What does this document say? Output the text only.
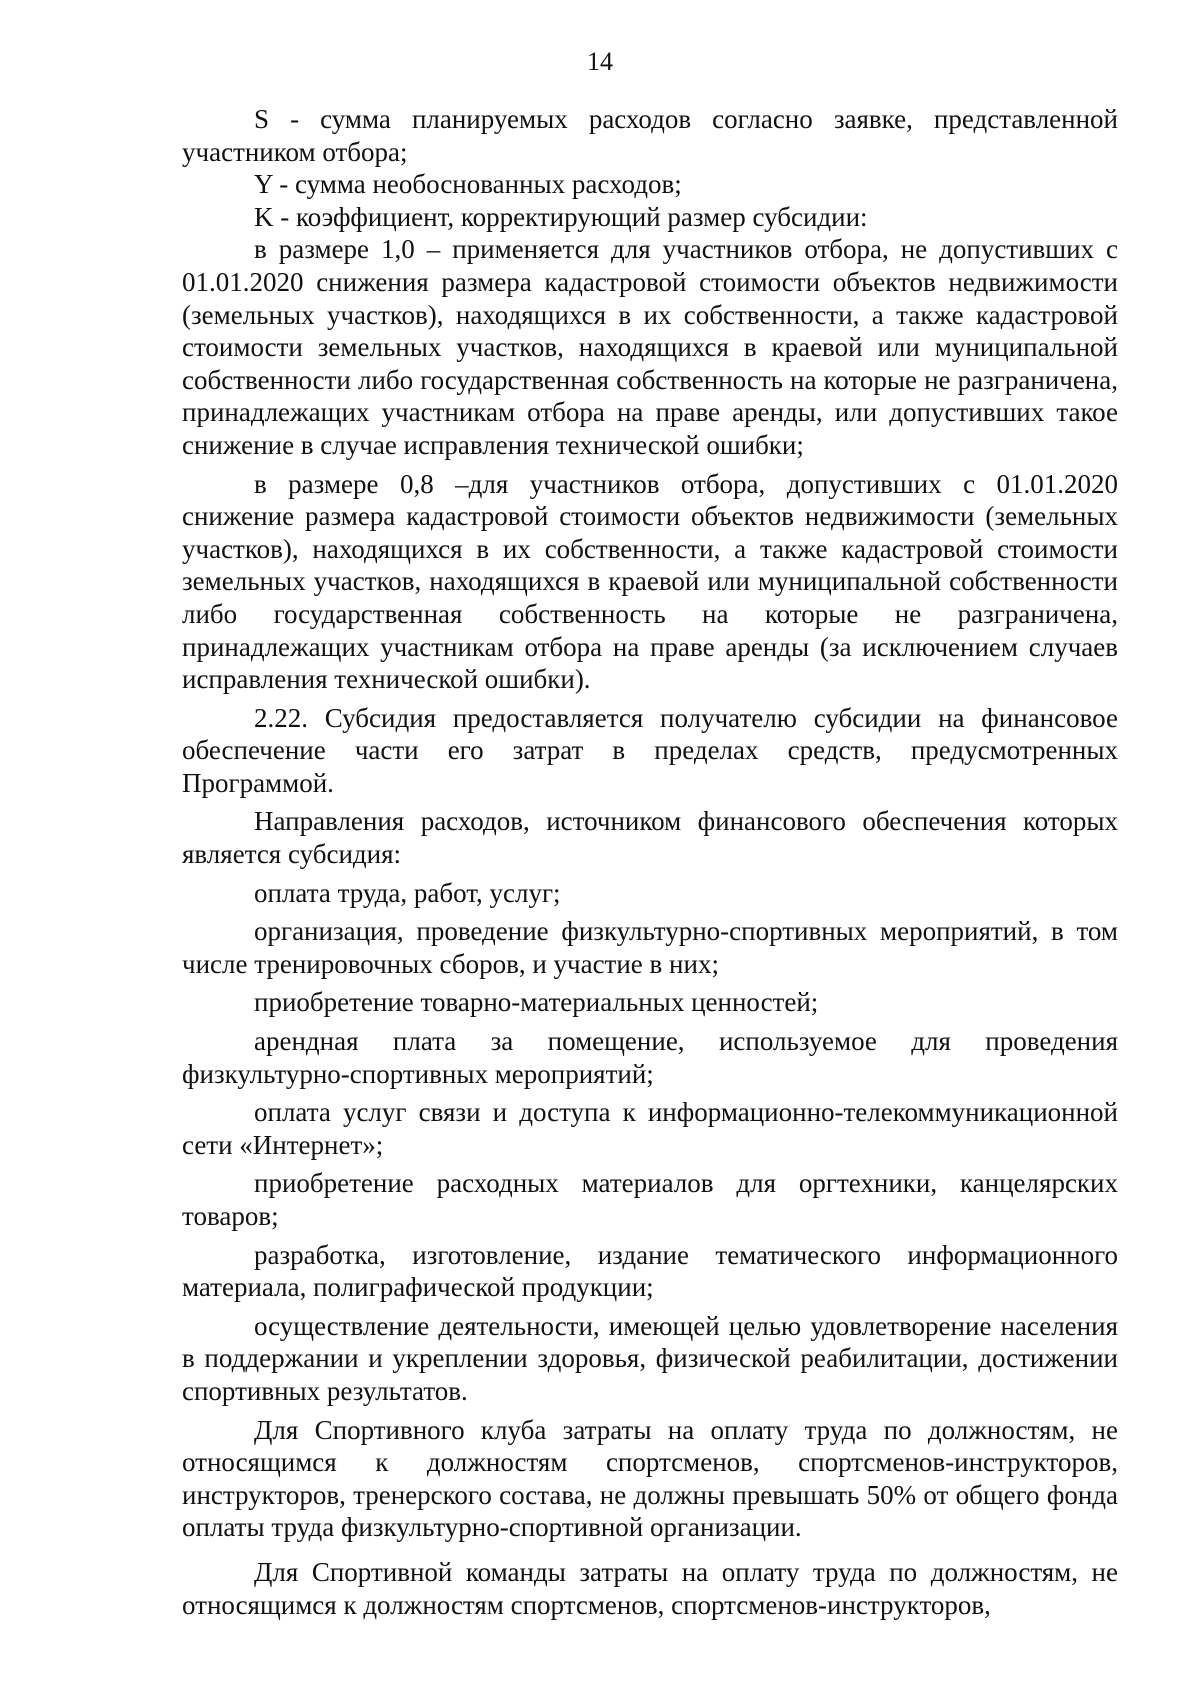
14

S - сумма планируемых расходов согласно заявке, представленной участником отбора;

Y - сумма необоснованных расходов;

K - коэффициент, корректирующий размер субсидии:

в размере 1,0 – применяется для участников отбора, не допустивших с 01.01.2020 снижения размера кадастровой стоимости объектов недвижимости (земельных участков), находящихся в их собственности, а также кадастровой стоимости земельных участков, находящихся в краевой или муниципальной собственности либо государственная собственность на которые не разграничена, принадлежащих участникам отбора на праве аренды, или допустивших такое снижение в случае исправления технической ошибки;

в размере 0,8 –для участников отбора, допустивших с 01.01.2020 снижение размера кадастровой стоимости объектов недвижимости (земельных участков), находящихся в их собственности, а также кадастровой стоимости земельных участков, находящихся в краевой или муниципальной собственности либо государственная собственность на которые не разграничена, принадлежащих участникам отбора на праве аренды (за исключением случаев исправления технической ошибки).

2.22. Субсидия предоставляется получателю субсидии на финансовое обеспечение части его затрат в пределах средств, предусмотренных Программой.

Направления расходов, источником финансового обеспечения которых является субсидия:

оплата труда, работ, услуг;

организация, проведение физкультурно-спортивных мероприятий, в том числе тренировочных сборов, и участие в них;

приобретение товарно-материальных ценностей;

арендная плата за помещение, используемое для проведения физкультурно-спортивных мероприятий;

оплата услуг связи и доступа к информационно-телекоммуникационной сети «Интернет»;

приобретение расходных материалов для оргтехники, канцелярских товаров;

разработка, изготовление, издание тематического информационного материала, полиграфической продукции;

осуществление деятельности, имеющей целью удовлетворение населения в поддержании и укреплении здоровья, физической реабилитации, достижении спортивных результатов.

Для Спортивного клуба затраты на оплату труда по должностям, не относящимся к должностям спортсменов, спортсменов-инструкторов, инструкторов, тренерского состава, не должны превышать 50% от общего фонда оплаты труда физкультурно-спортивной организации.

Для Спортивной команды затраты на оплату труда по должностям, не относящимся к должностям спортсменов, спортсменов-инструкторов,
